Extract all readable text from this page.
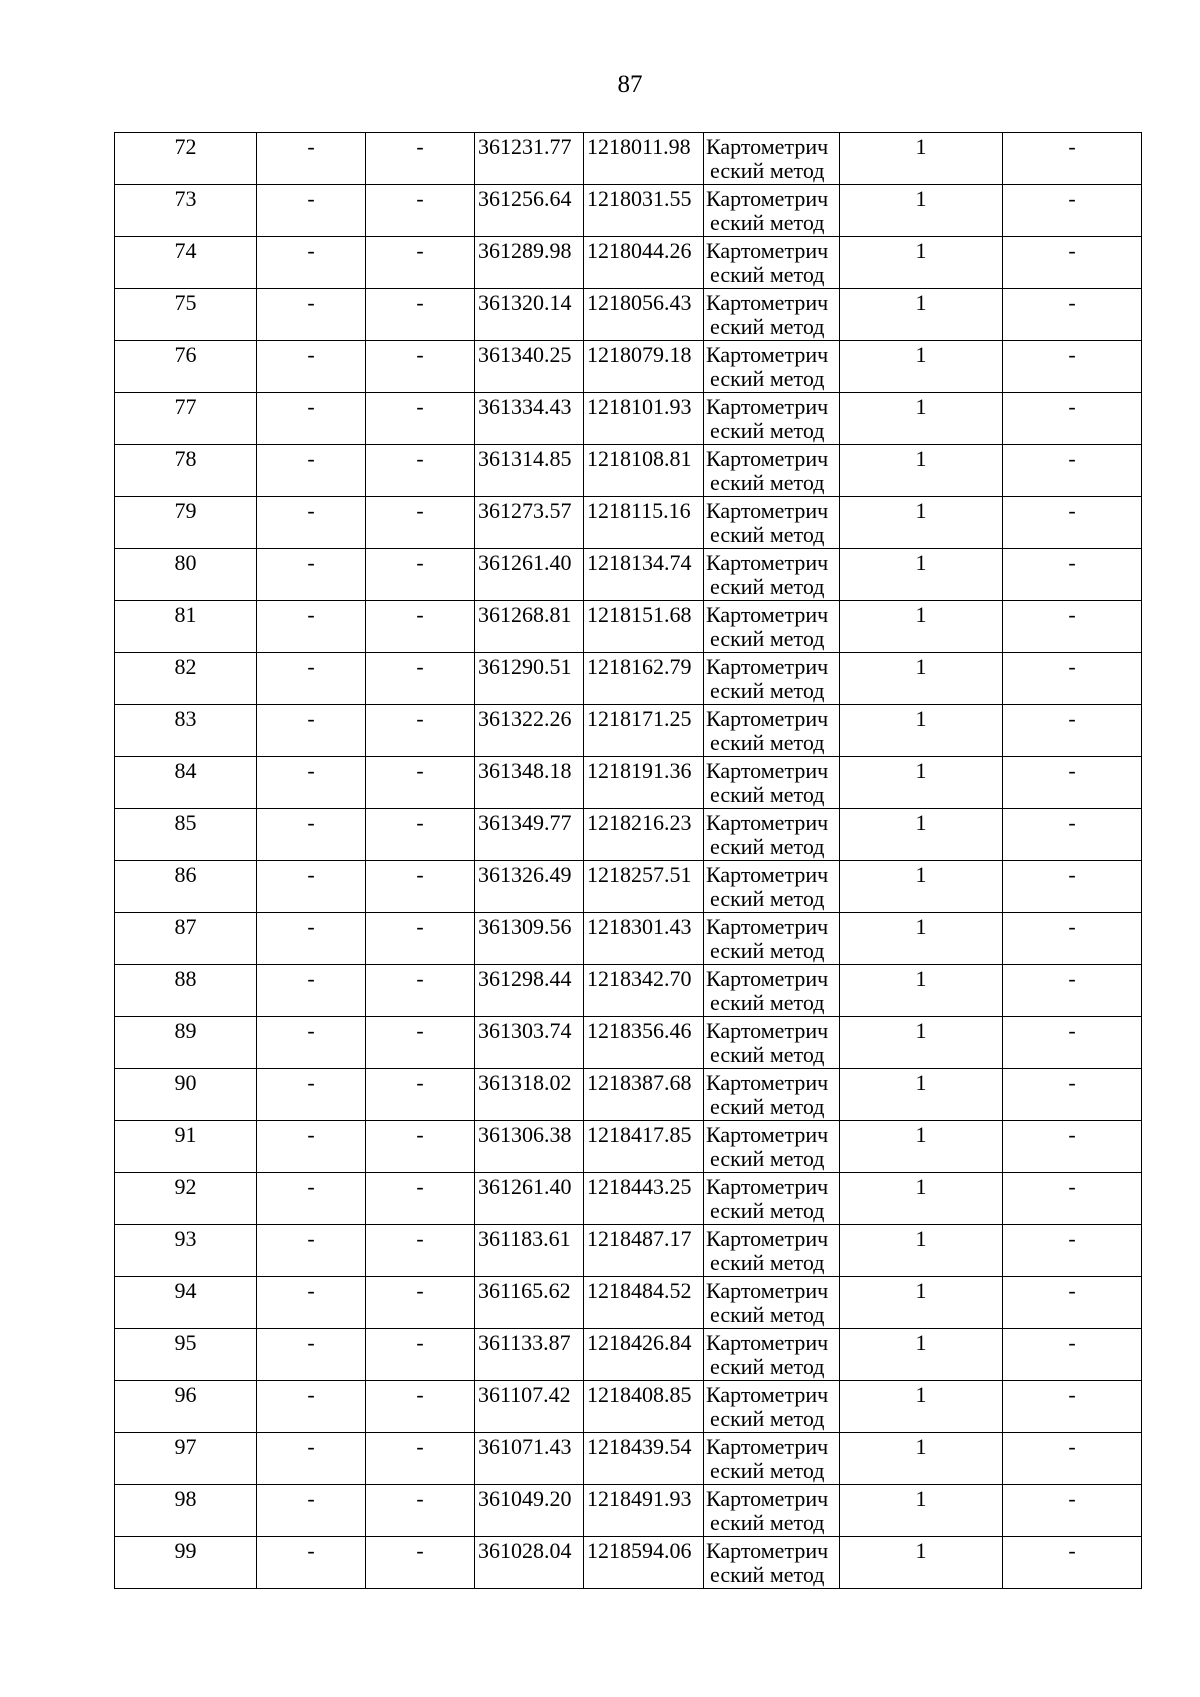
87
72	-	-	361231.77	1218011.98	Картометрич
еский метод	1	-
73	-	-	361256.64	1218031.55	Картометрич
еский метод	1	-
74	-	-	361289.98	1218044.26	Картометрич
еский метод	1	-
75	-	-	361320.14	1218056.43	Картометрич
еский метод	1	-
76	-	-	361340.25	1218079.18	Картометрич
еский метод	1	-
77	-	-	361334.43	1218101.93	Картометрич
еский метод	1	-
78	-	-	361314.85	1218108.81	Картометрич
еский метод	1	-
79	-	-	361273.57	1218115.16	Картометрич
еский метод	1	-
80	-	-	361261.40	1218134.74	Картометрич
еский метод	1	-
81	-	-	361268.81	1218151.68	Картометрич
еский метод	1	-
82	-	-	361290.51	1218162.79	Картометрич
еский метод	1	-
83	-	-	361322.26	1218171.25	Картометрич
еский метод	1	-
84	-	-	361348.18	1218191.36	Картометрич
еский метод	1	-
85	-	-	361349.77	1218216.23	Картометрич
еский метод	1	-
86	-	-	361326.49	1218257.51	Картометрич
еский метод	1	-
87	-	-	361309.56	1218301.43	Картометрич
еский метод	1	-
88	-	-	361298.44	1218342.70	Картометрич
еский метод	1	-
89	-	-	361303.74	1218356.46	Картометрич
еский метод	1	-
90	-	-	361318.02	1218387.68	Картометрич
еский метод	1	-
91	-	-	361306.38	1218417.85	Картометрич
еский метод	1	-
92	-	-	361261.40	1218443.25	Картометрич
еский метод	1	-
93	-	-	361183.61	1218487.17	Картометрич
еский метод	1	-
94	-	-	361165.62	1218484.52	Картометрич
еский метод	1	-
95	-	-	361133.87	1218426.84	Картометрич
еский метод	1	-
96	-	-	361107.42	1218408.85	Картометрич
еский метод	1	-
97	-	-	361071.43	1218439.54	Картометрич
еский метод	1	-
98	-	-	361049.20	1218491.93	Картометрич
еский метод	1	-
99	-	-	361028.04	1218594.06	Картометрич
еский метод	1	-
